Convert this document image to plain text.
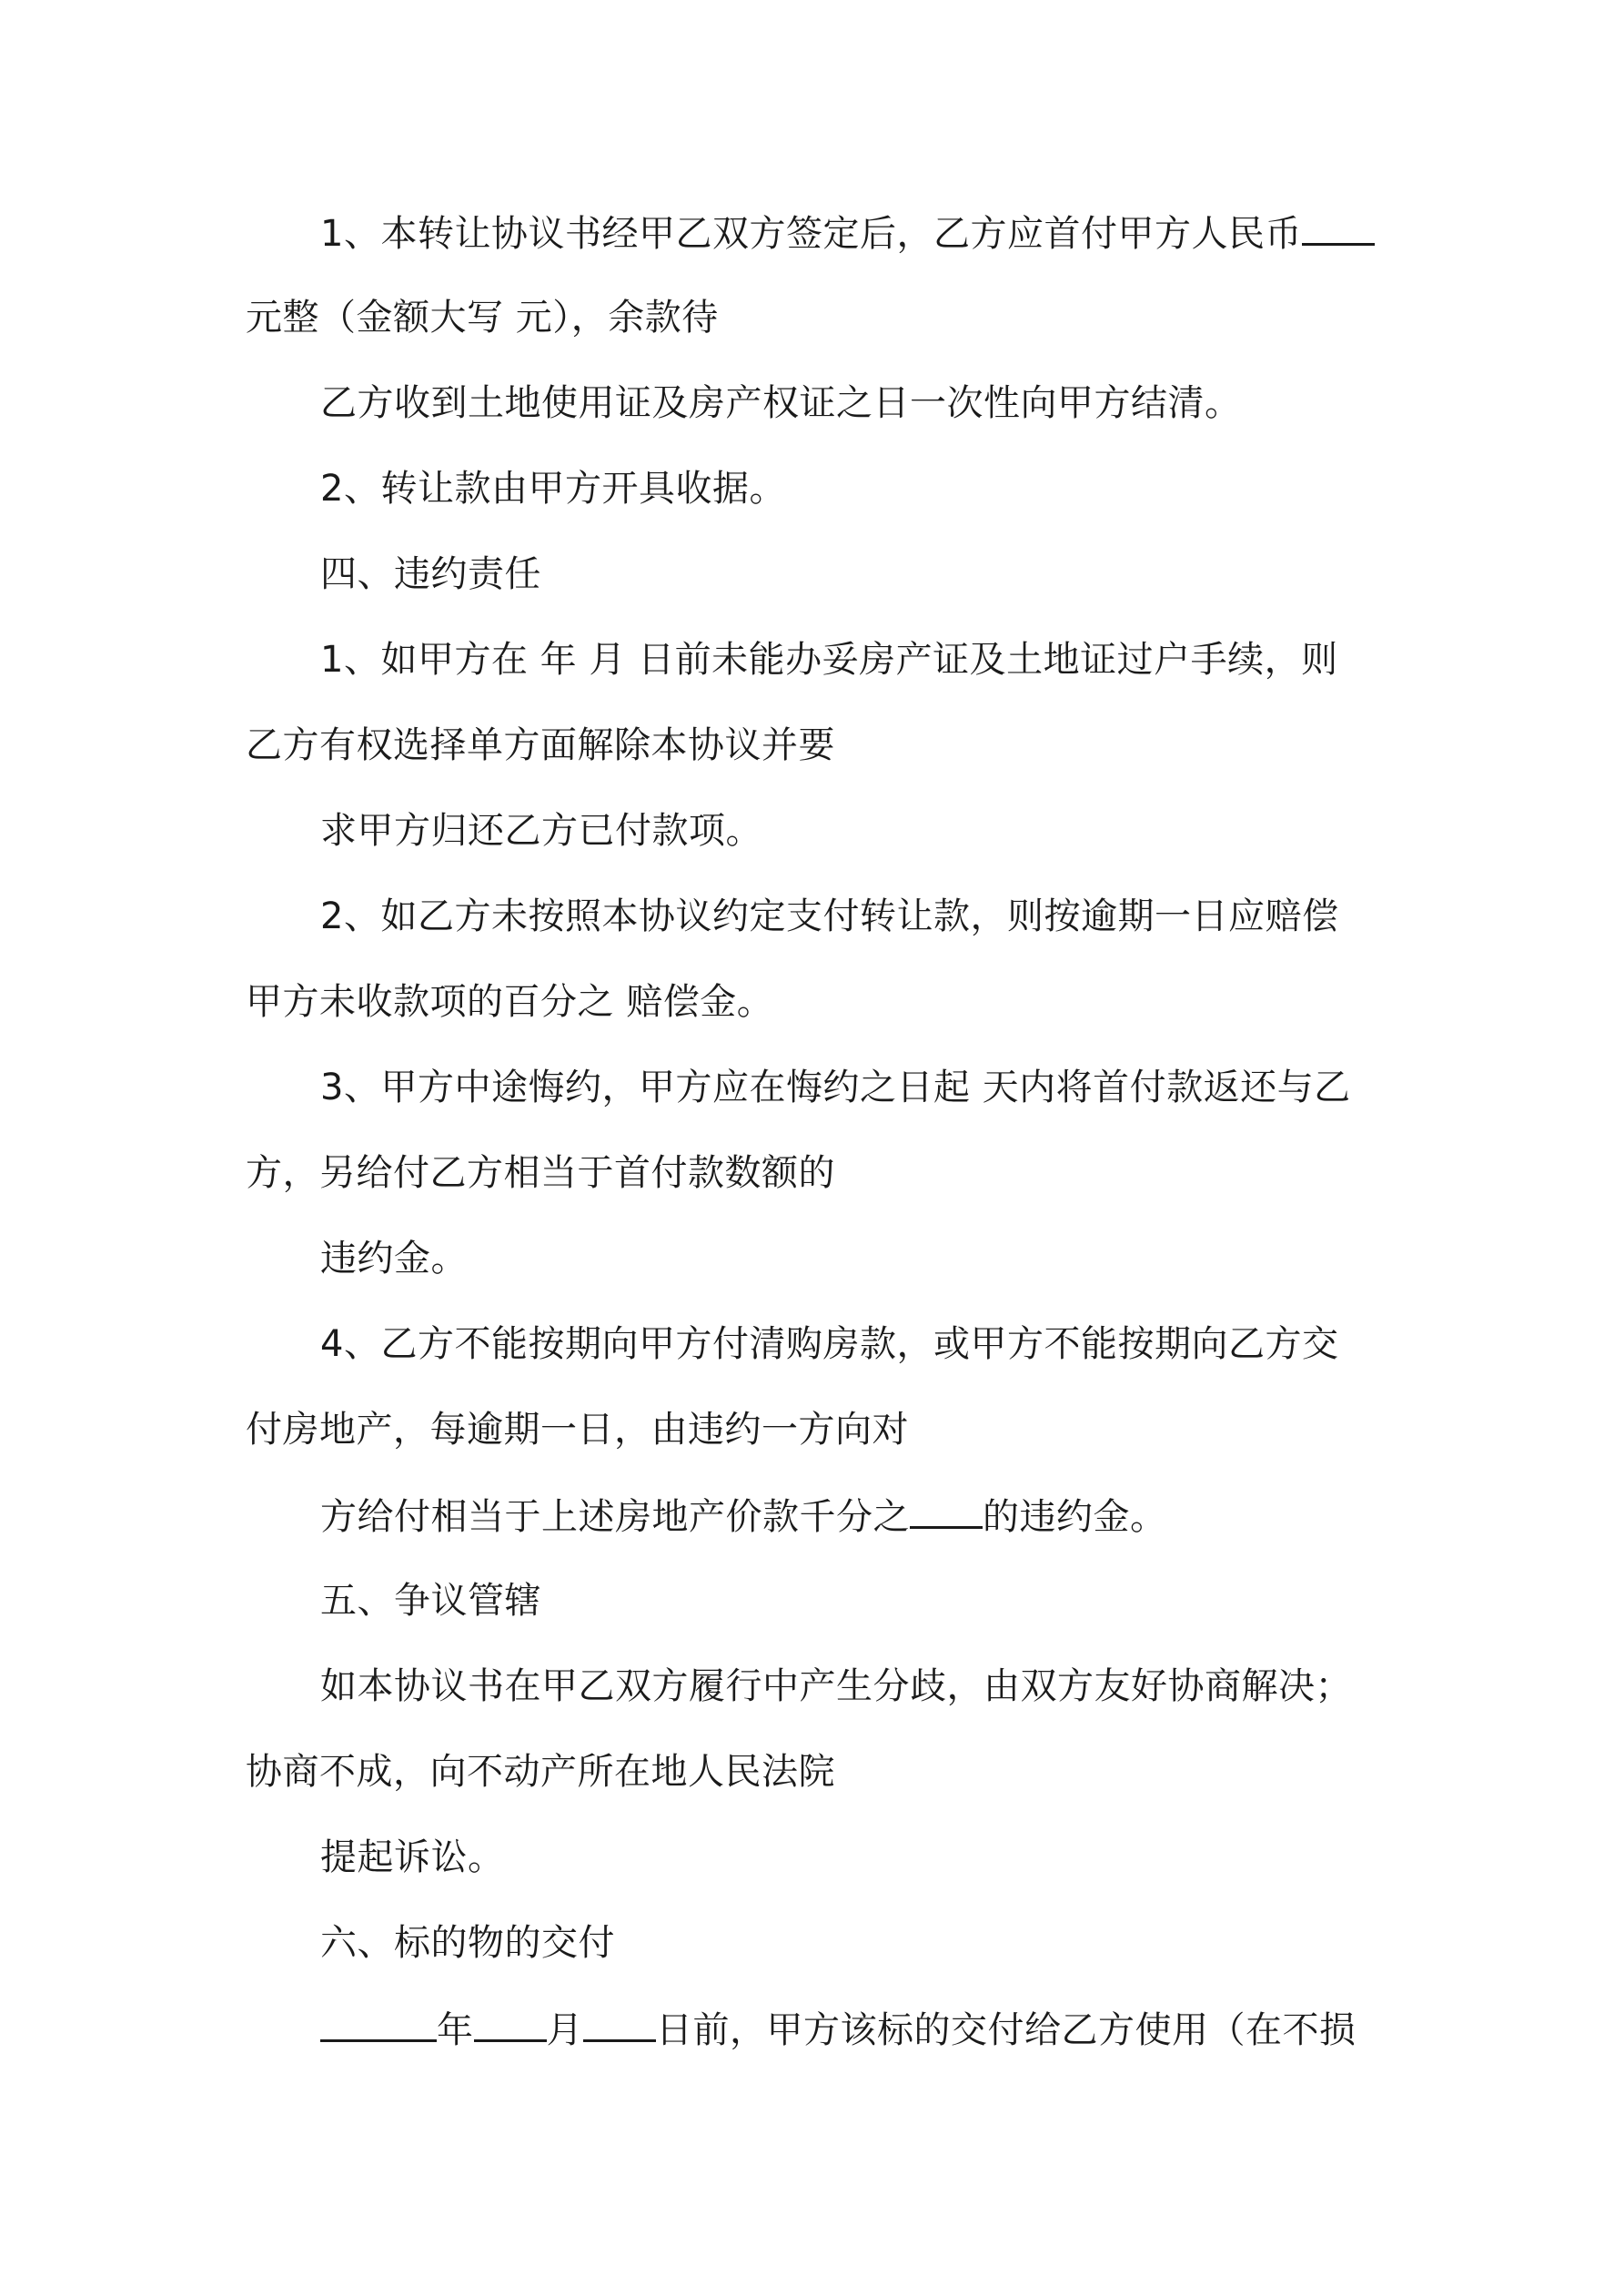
1、本转让协议书经甲乙双方签定后，乙方应首付甲方人民币
元整（金额大写 元），余款待
乙方收到土地使用证及房产权证之日一次性向甲方结清。
2、转让款由甲方开具收据。
四、违约责任
1、如甲方在 年 月 日前未能办妥房产证及土地证过户手续，则
乙方有权选择单方面解除本协议并要
求甲方归还乙方已付款项。
2、如乙方未按照本协议约定支付转让款，则按逾期一日应赔偿
甲方未收款项的百分之 赔偿金。
3、甲方中途悔约，甲方应在悔约之日起 天内将首付款返还与乙
方，另给付乙方相当于首付款数额的
违约金。
4、乙方不能按期向甲方付清购房款，或甲方不能按期向乙方交
付房地产，每逾期一日，由违约一方向对
方给付相当于上述房地产价款千分之 的违约金。
五、争议管辖
如本协议书在甲乙双方履行中产生分歧，由双方友好协商解决；
协商不成，向不动产所在地人民法院
提起诉讼。
六、标的物的交付
年 月 日前，甲方该标的交付给乙方使用（在不损
